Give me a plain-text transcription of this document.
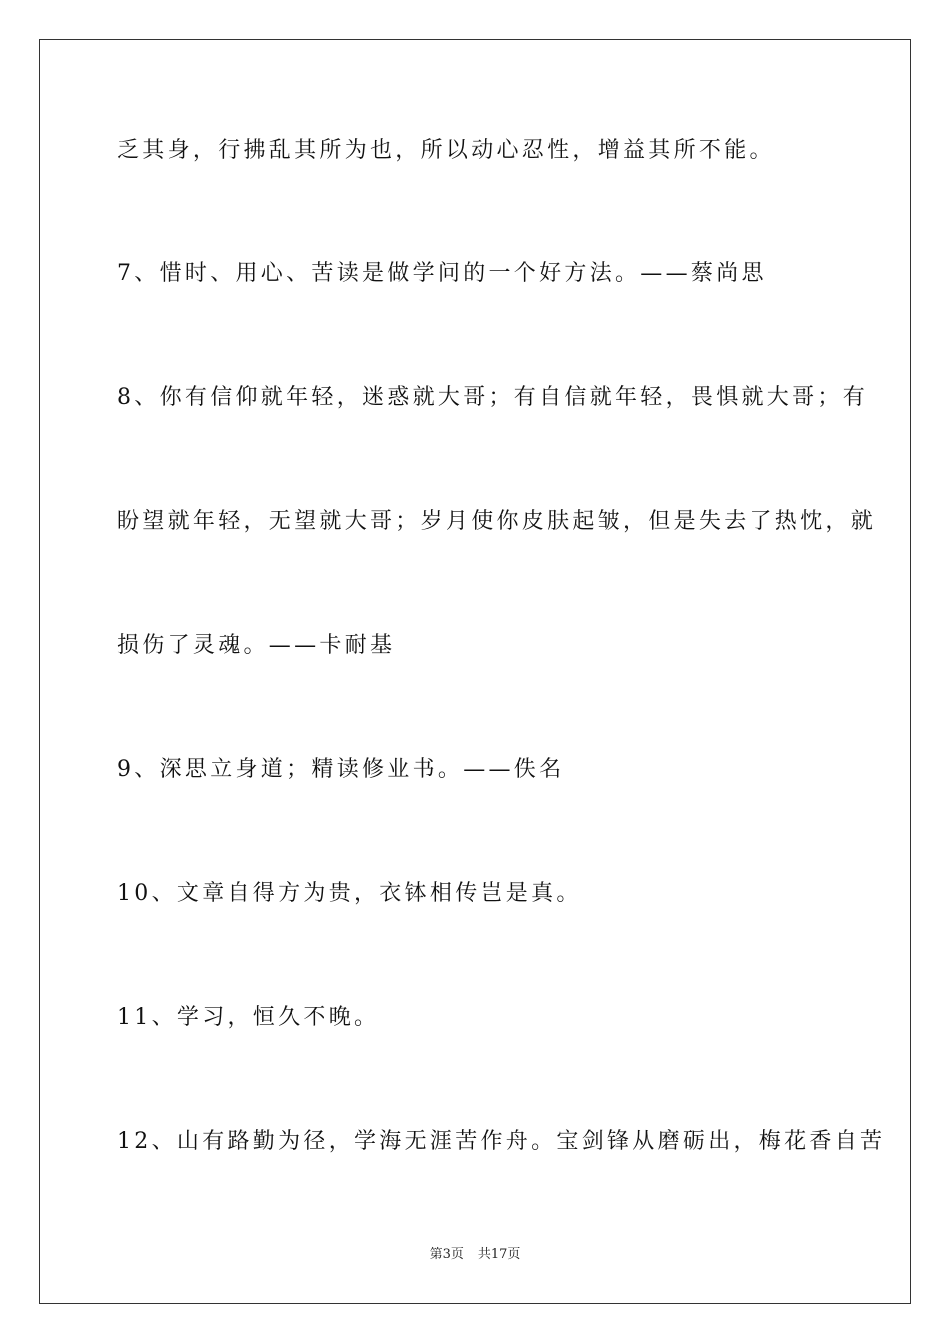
乏其身，行拂乱其所为也，所以动心忍性，增益其所不能。
7、惜时、用心、苦读是做学问的一个好方法。——蔡尚思
8、你有信仰就年轻，迷惑就大哥；有自信就年轻，畏惧就大哥；有
盼望就年轻，无望就大哥；岁月使你皮肤起皱，但是失去了热忱，就
损伤了灵魂。——卡耐基
9、深思立身道；精读修业书。——佚名
10、文章自得方为贵，衣钵相传岂是真。
11、学习，恒久不晚。
12、山有路勤为径，学海无涯苦作舟。宝剑锋从磨砺出，梅花香自苦
第3页 共17页
